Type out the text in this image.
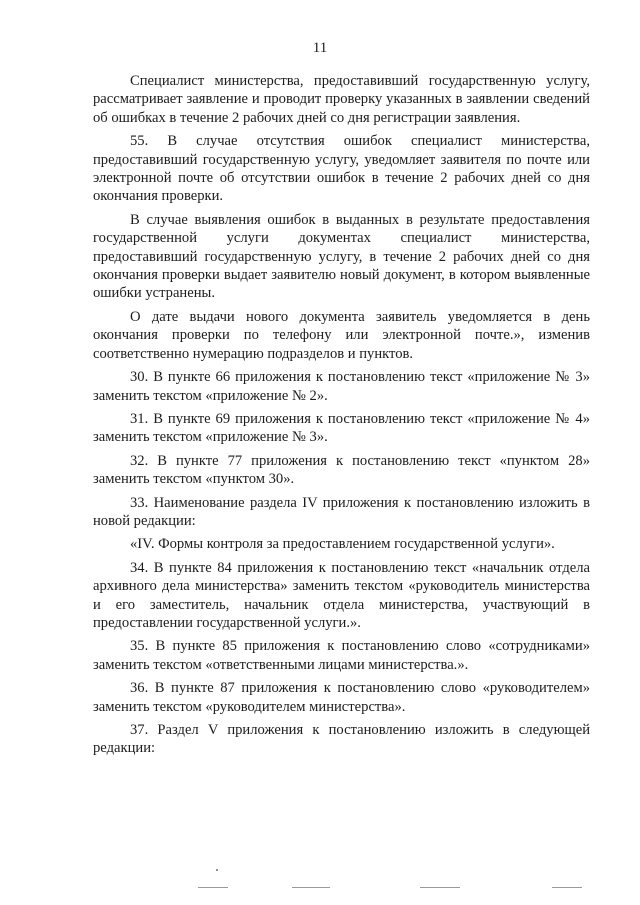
11

Специалист министерства, предоставивший государственную услугу, рассматривает заявление и проводит проверку указанных в заявлении сведений об ошибках в течение 2 рабочих дней со дня регистрации заявления.

55. В случае отсутствия ошибок специалист министерства, предоставивший государственную услугу, уведомляет заявителя по почте или электронной почте об отсутствии ошибок в течение 2 рабочих дней со дня окончания проверки.

В случае выявления ошибок в выданных в результате предоставления государственной услуги документах специалист министерства, предоставивший государственную услугу, в течение 2 рабочих дней со дня окончания проверки выдает заявителю новый документ, в котором выявленные ошибки устранены.

О дате выдачи нового документа заявитель уведомляется в день окончания проверки по телефону или электронной почте.», изменив соответственно нумерацию подразделов и пунктов.

30. В пункте 66 приложения к постановлению текст «приложение № 3» заменить текстом «приложение № 2».

31. В пункте 69 приложения к постановлению текст «приложение № 4» заменить текстом «приложение № 3».

32. В пункте 77 приложения к постановлению текст «пунктом 28» заменить текстом «пунктом 30».

33. Наименование раздела IV приложения к постановлению изложить в новой редакции:

«IV. Формы контроля за предоставлением государственной услуги».

34. В пункте 84 приложения к постановлению текст «начальник отдела архивного дела министерства» заменить текстом «руководитель министерства и его заместитель, начальник отдела министерства, участвующий в предоставлении государственной услуги.».

35. В пункте 85 приложения к постановлению слово «сотрудниками» заменить текстом «ответственными лицами министерства.».

36. В пункте 87 приложения к постановлению слово «руководителем» заменить текстом «руководителем министерства».

37. Раздел V приложения к постановлению изложить в следующей редакции:
